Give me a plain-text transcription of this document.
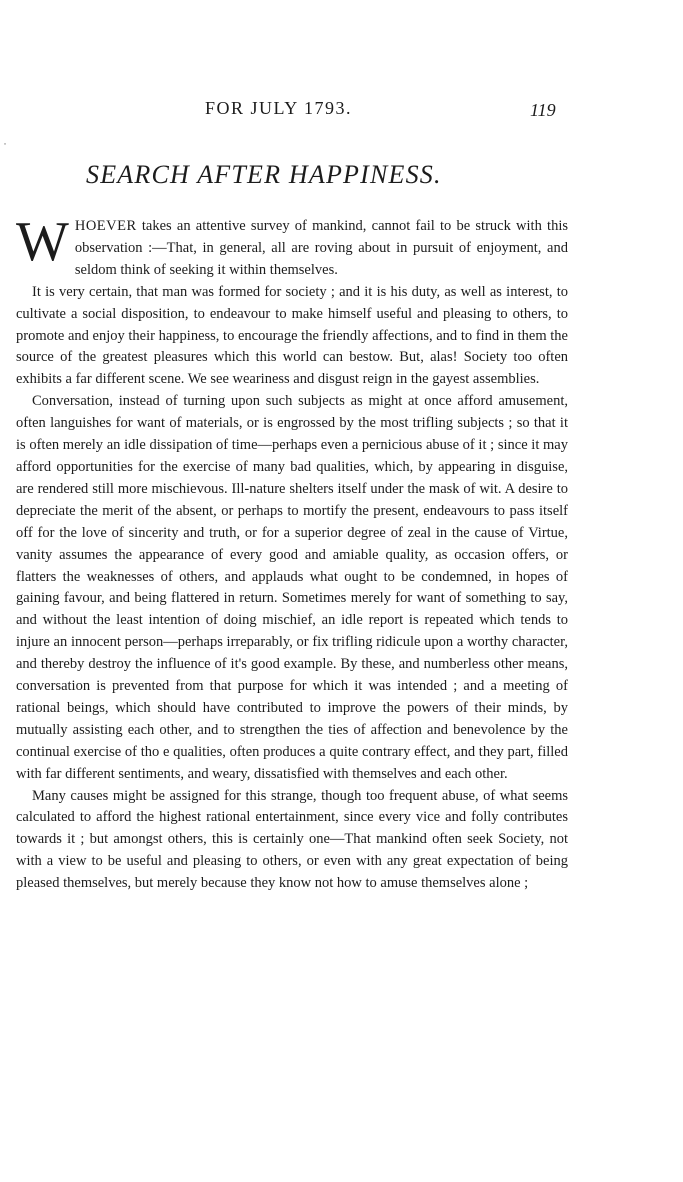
FOR JULY 1793.	119
˙
SEARCH AFTER HAPPINESS.

WHOEVER takes an attentive survey of mankind, cannot fail to be struck with this observation :—That, in general, all are roving about in pursuit of enjoyment, and seldom think of seeking it within themselves.

It is very certain, that man was formed for society ; and it is his duty, as well as interest, to cultivate a social disposition, to endeavour to make himself useful and pleasing to others, to promote and enjoy their happiness, to encourage the friendly affections, and to find in them the source of the greatest pleasures which this world can bestow. But, alas! Society too often exhibits a far different scene. We see weariness and disgust reign in the gayest assemblies.

Conversation, instead of turning upon such subjects as might at once afford amusement, often languishes for want of materials, or is engrossed by the most trifling subjects ; so that it is often merely an idle dissipation of time—perhaps even a pernicious abuse of it ; since it may afford opportunities for the exercise of many bad qualities, which, by appearing in disguise, are rendered still more mischievous. Ill-nature shelters itself under the mask of wit. A desire to depreciate the merit of the absent, or perhaps to mortify the present, endeavours to pass itself off for the love of sincerity and truth, or for a superior degree of zeal in the cause of Virtue, vanity assumes the appearance of every good and amiable quality, as occasion offers, or flatters the weaknesses of others, and applauds what ought to be condemned, in hopes of gaining favour, and being flattered in return. Sometimes merely for want of something to say, and without the least intention of doing mischief, an idle report is repeated which tends to injure an innocent person—perhaps irreparably, or fix trifling ridicule upon a worthy character, and thereby destroy the influence of it's good example. By these, and numberless other means, conversation is prevented from that purpose for which it was intended ; and a meeting of rational beings, which should have contributed to improve the powers of their minds, by mutually assisting each other, and to strengthen the ties of affection and benevolence by the continual exercise of tho e qualities, often produces a quite contrary effect, and they part, filled with far different sentiments, and weary, dissatisfied with themselves and each other.

Many causes might be assigned for this strange, though too frequent abuse, of what seems calculated to afford the highest rational entertainment, since every vice and folly contributes towards it ; but amongst others, this is certainly one—That mankind often seek Society, not with a view to be useful and pleasing to others, or even with any great expectation of being pleased themselves, but merely because they know not how to amuse themselves alone ;
